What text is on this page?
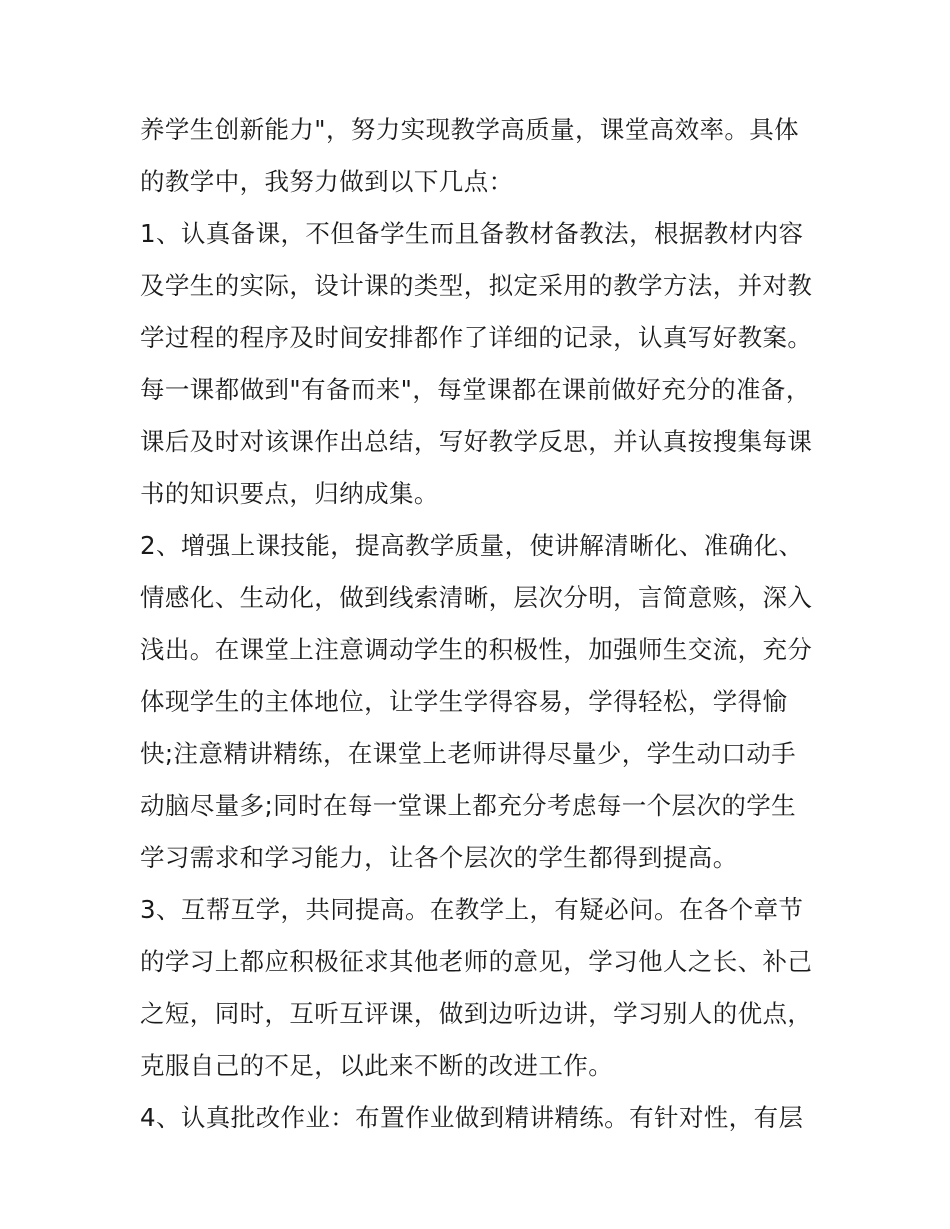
养学生创新能力"，努力实现教学高质量，课堂高效率。具体

的教学中，我努力做到以下几点：

1、认真备课，不但备学生而且备教材备教法，根据教材内容

及学生的实际，设计课的类型，拟定采用的教学方法，并对教

学过程的程序及时间安排都作了详细的记录，认真写好教案。

每一课都做到"有备而来"，每堂课都在课前做好充分的准备，

课后及时对该课作出总结，写好教学反思，并认真按搜集每课

书的知识要点，归纳成集。

2、增强上课技能，提高教学质量，使讲解清晰化、准确化、

情感化、生动化，做到线索清晰，层次分明，言简意赅，深入

浅出。在课堂上注意调动学生的积极性，加强师生交流，充分

体现学生的主体地位，让学生学得容易，学得轻松，学得愉

快;注意精讲精练，在课堂上老师讲得尽量少，学生动口动手

动脑尽量多;同时在每一堂课上都充分考虑每一个层次的学生

学习需求和学习能力，让各个层次的学生都得到提高。

3、互帮互学，共同提高。在教学上，有疑必问。在各个章节

的学习上都应积极征求其他老师的意见，学习他人之长、补己

之短，同时，互听互评课，做到边听边讲，学习别人的优点，

克服自己的不足，以此来不断的改进工作。

4、认真批改作业：布置作业做到精讲精练。有针对性，有层
